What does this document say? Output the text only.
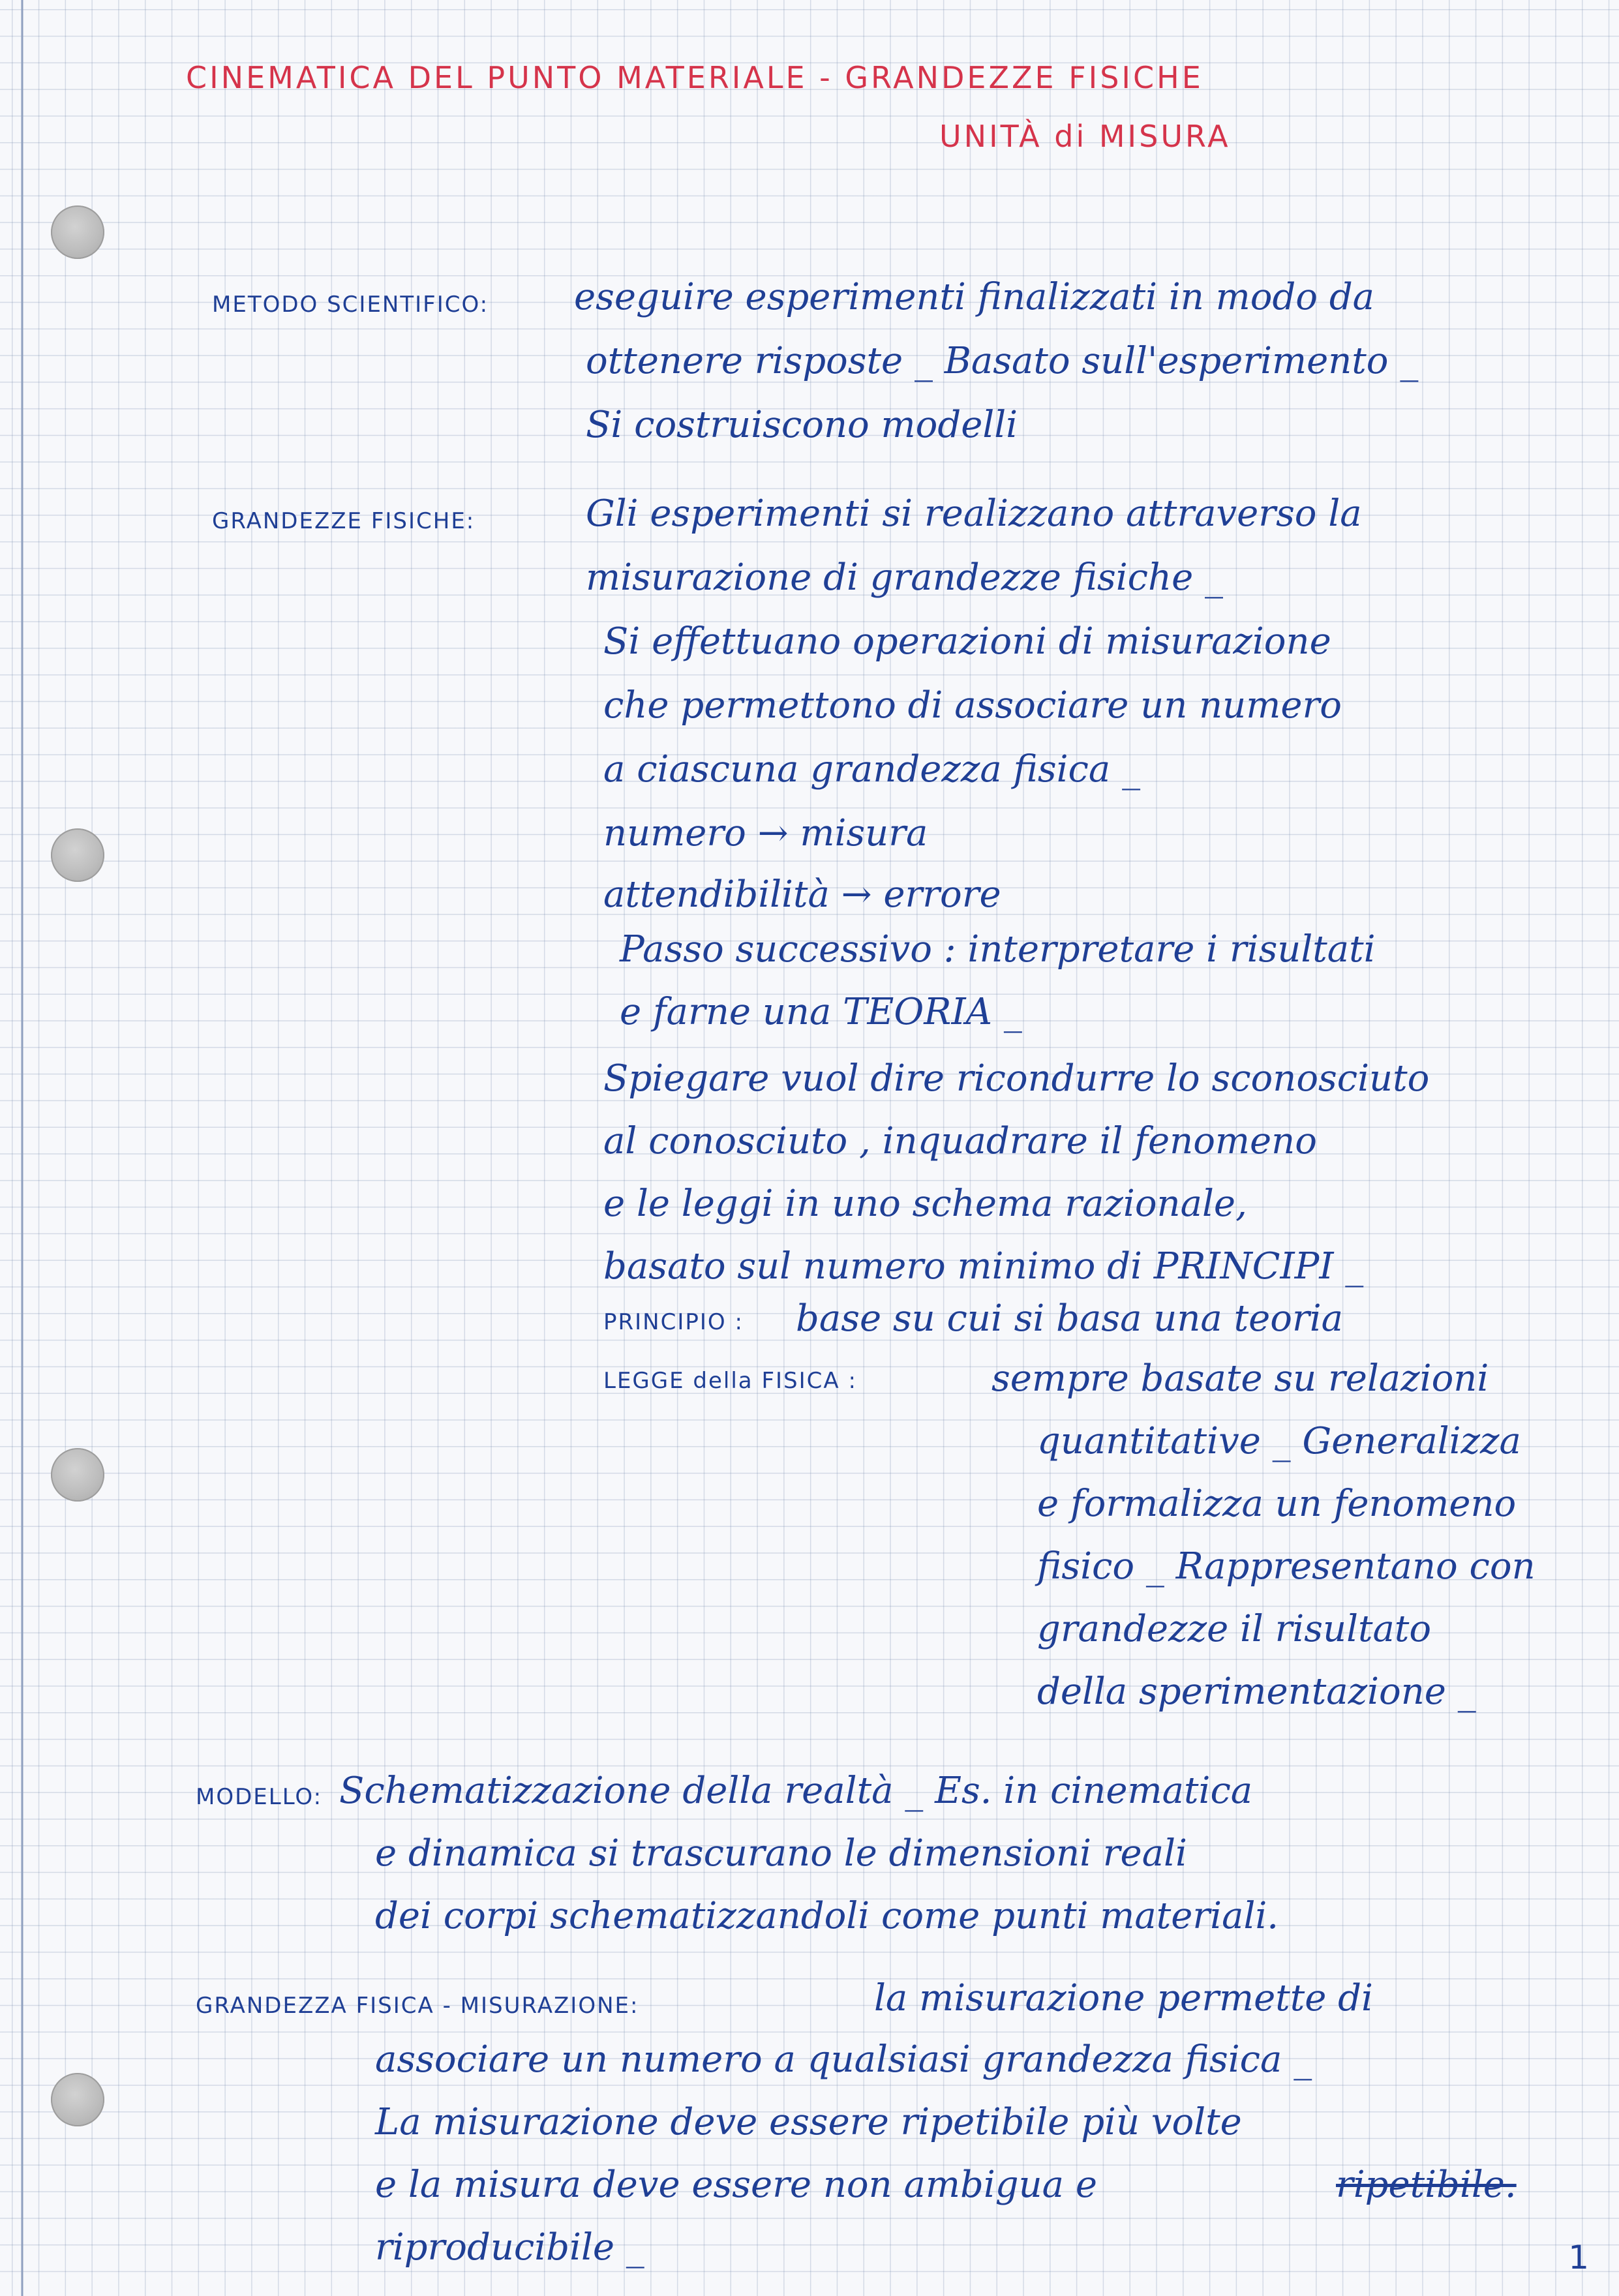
CINEMATICA DEL PUNTO MATERIALE - GRANDEZZE FISICHE
UNITÀ di MISURA
METODO SCIENTIFICO: eseguire esperimenti finalizzati in modo da
ottenere risposte _ Basato sull'esperimento _
Si costruiscono modelli
GRANDEZZE FISICHE:	Gli esperimenti si realizzano attraverso la
misurazione di grandezze fisiche _
Si effettuano operazioni di misurazione
che permettono di associare un numero
a ciascuna grandezza fisica _
numero → misura
attendibilità → errore
Passo successivo : interpretare i risultati
e farne una TEORIA _
Spiegare vuol dire ricondurre lo sconosciuto
al conosciuto , inquadrare il fenomeno
e le leggi in uno schema razionale,
basato sul numero minimo di PRINCIPI _
PRINCIPIO : base su cui si basa una teoria
LEGGE della FISICA :	sempre basate su relazioni
quantitative _ Generalizza
e formalizza un fenomeno
fisico _ Rappresentano con
grandezze il risultato
della sperimentazione _
MODELLO: Schematizzazione della realtà _ Es. in cinematica
e dinamica si trascurano le dimensioni reali
dei corpi schematizzandoli come punti materiali.
GRANDEZZA FISICA - MISURAZIONE:	la misurazione permette di
associare un numero a qualsiasi grandezza fisica _
La misurazione deve essere ripetibile più volte
e la misura deve essere non ambigua e	ripetibile.
riproducibile _	1
